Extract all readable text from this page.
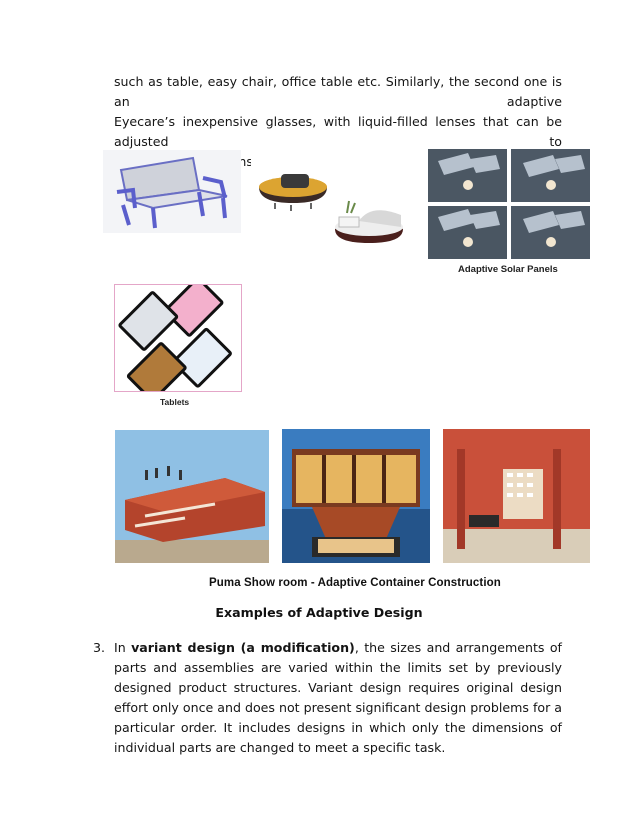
such as table, easy chair, office table etc. Similarly, the second one is an adaptive
Eyecare’s inexpensive glasses, with liquid-filled lenses that can be adjusted to
Adaptive Solar Panels
Tablets
Puma Show room - Adaptive Container Construction
Examples of Adaptive Design
3. In variant design (a modification), the sizes and arrangements of parts and assemblies are varied within the limits set by previously designed product structures. Variant design requires original design effort only once and does not present significant design problems for a particular order. It includes designs in which only the dimensions of individual parts are changed to meet a specific task.
